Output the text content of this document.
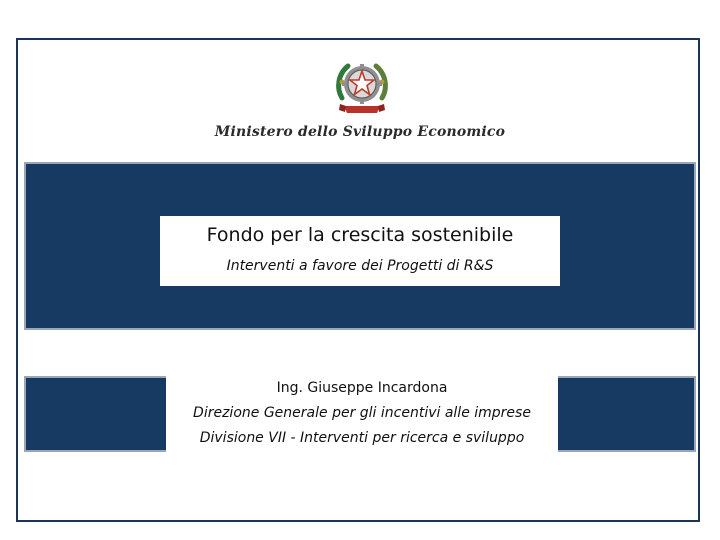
Ministero dello Sviluppo Economico
Fondo per la crescita sostenibile
Interventi a favore dei Progetti di R&S
Ing. Giuseppe Incardona
Direzione Generale per gli incentivi alle imprese
Divisione VII - Interventi per ricerca e sviluppo
